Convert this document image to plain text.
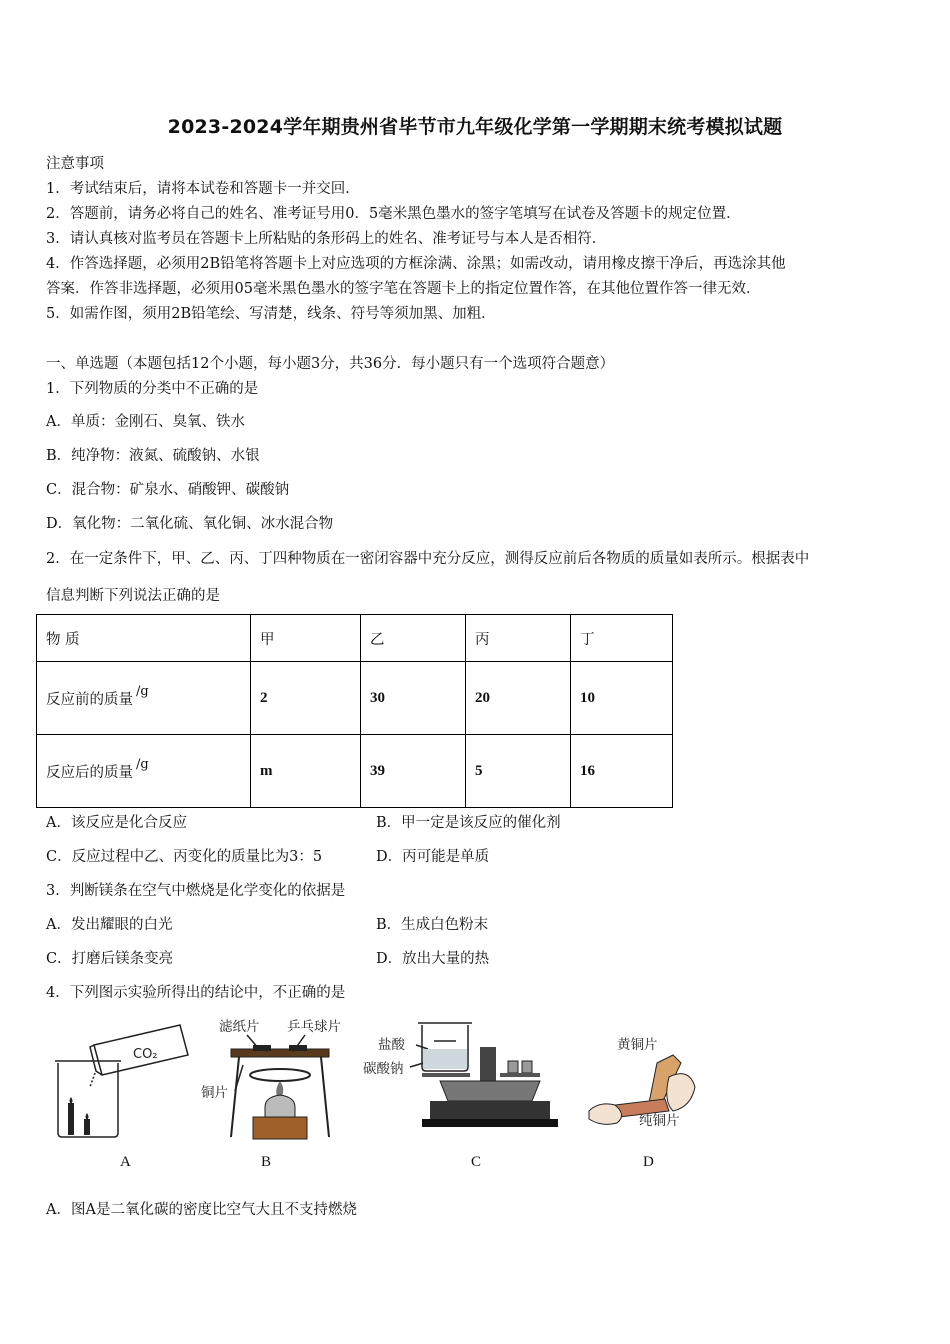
2023-2024学年期贵州省毕节市九年级化学第一学期期末统考模拟试题
注意事项
1．考试结束后，请将本试卷和答题卡一并交回．
2．答题前，请务必将自己的姓名、准考证号用0．5毫米黑色墨水的签字笔填写在试卷及答题卡的规定位置．
3．请认真核对监考员在答题卡上所粘贴的条形码上的姓名、准考证号与本人是否相符．
4．作答选择题，必须用2B铅笔将答题卡上对应选项的方框涂满、涂黑；如需改动，请用橡皮擦干净后，再选涂其他
答案．作答非选择题，必须用05毫米黑色墨水的签字笔在答题卡上的指定位置作答，在其他位置作答一律无效．
5．如需作图，须用2B铅笔绘、写清楚，线条、符号等须加黑、加粗．
一、单选题（本题包括12个小题，每小题3分，共36分．每小题只有一个选项符合题意）
1．下列物质的分类中不正确的是
A．单质：金刚石、臭氧、铁水
B．纯净物：液氮、硫酸钠、水银
C．混合物：矿泉水、硝酸钾、碳酸钠
D．氧化物：二氧化硫、氧化铜、冰水混合物
2．在一定条件下，甲、乙、丙、丁四种物质在一密闭容器中充分反应，测得反应前后各物质的质量如表所示。根据表中
信息判断下列说法正确的是
物 质	甲	乙	丙	丁
反应前的质量/g	2	30	20	10
反应后的质量/g	m	39	5	16
A．该反应是化合反应	B．甲一定是该反应的催化剂
C．反应过程中乙、丙变化的质量比为3：5	D．丙可能是单质
3．判断镁条在空气中燃烧是化学变化的依据是
A．发出耀眼的白光	B．生成白色粉末
C．打磨后镁条变亮	D．放出大量的热
4．下列图示实验所得出的结论中，不正确的是
CO₂
滤纸片 乒乓球片
铜片
盐酸
碳酸钠
黄铜片
纯铜片
A	B	C	D
A．图A是二氧化碳的密度比空气大且不支持燃烧
